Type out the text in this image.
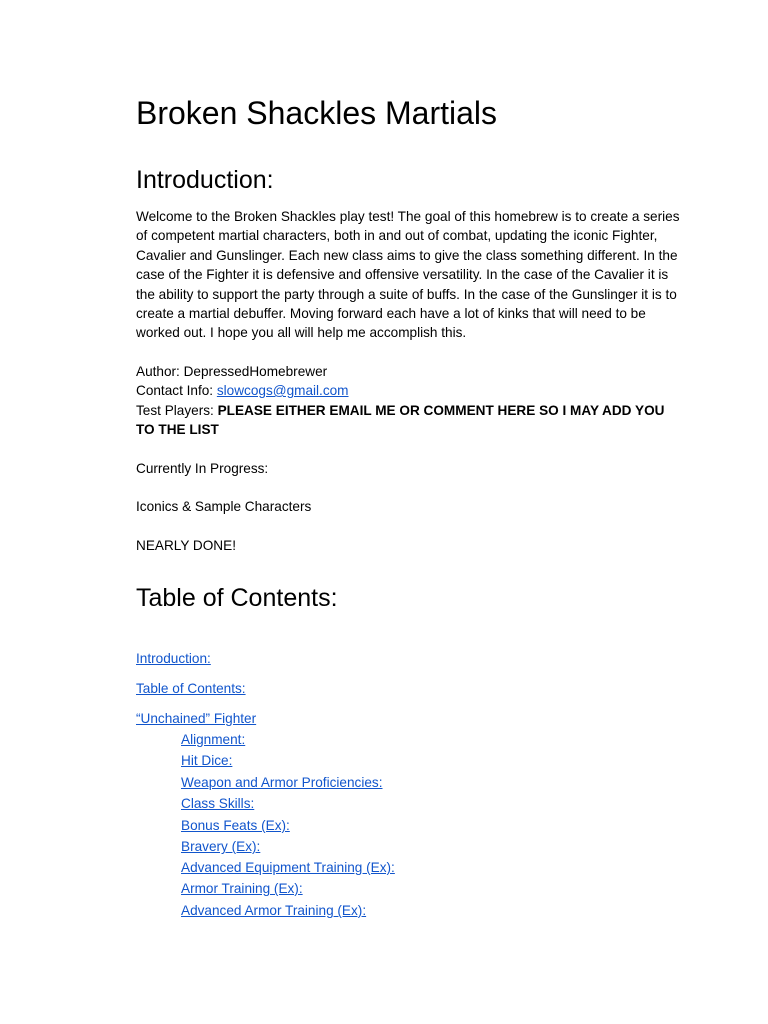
Broken Shackles Martials
Introduction:

Welcome to the Broken Shackles play test! The goal of this homebrew is to create a series of competent martial characters, both in and out of combat, updating the iconic Fighter, Cavalier and Gunslinger. Each new class aims to give the class something different. In the case of the Fighter it is defensive and offensive versatility. In the case of the Cavalier it is the ability to support the party through a suite of buffs. In the case of the Gunslinger it is to create a martial debuffer. Moving forward each have a lot of kinks that will need to be worked out. I hope you all will help me accomplish this.

Author: DepressedHomebrewer

Contact Info: slowcogs@gmail.com

Test Players: PLEASE EITHER EMAIL ME OR COMMENT HERE SO I MAY ADD YOU TO THE LIST

Currently In Progress:

Iconics & Sample Characters

NEARLY DONE!

Table of Contents:

Introduction:

Table of Contents:

“Unchained” Fighter

Alignment:

Hit Dice:

Weapon and Armor Proficiencies:

Class Skills:

Bonus Feats (Ex):

Bravery (Ex):

Advanced Equipment Training (Ex):

Armor Training (Ex):

Advanced Armor Training (Ex):
